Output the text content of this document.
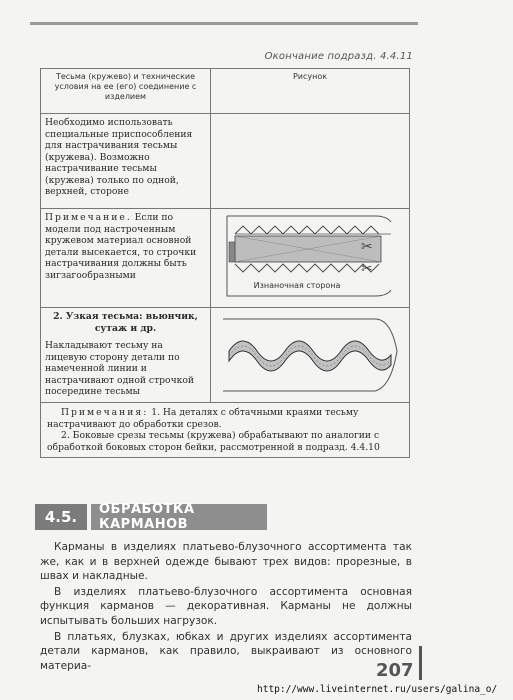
Окончание подразд. 4.4.11
Тесьма (кружево) и технические условия на ее (его) соединение с изделием	Рисунок
Необходимо использовать специальные приспособления для настрачивания тесьмы (кружева). Возможно настрачивание тесьмы (кружева) только по одной, верхней, стороне	
Примечание. Если по модели под настроченным кружевом материал основной детали высекается, то строчки настрачивания должны быть зигзагообразными	Изнаночная сторона
✂
✂

2. Узкая тесьма: вьюнчик, сутаж и др.
Накладывают тесьму на лицевую сторону детали по намеченной линии и настрачивают одной строчкой посередине тесьмы	

Примечания: 1. На деталях с обтачными краями тесьму настрачивают до обработки срезов.
2. Боковые срезы тесьмы (кружева) обрабатывают по аналогии с обработкой боковых сторон бейки, рассмотренной в подразд. 4.4.10	
4.5.	ОБРАБОТКА КАРМАНОВ

Карманы в изделиях платьево-блузочного ассортимента так же, как и в верхней одежде бывают трех видов: прорезные, в швах и накладные.

В изделиях платьево-блузочного ассортимента основная функция карманов — декоративная. Карманы не должны испытывать больших нагрузок.

В платьях, блузках, юбках и других изделиях ассортимента детали карманов, как правило, выкраивают из основного материа-	207
http://www.liveinternet.ru/users/galina_o/
